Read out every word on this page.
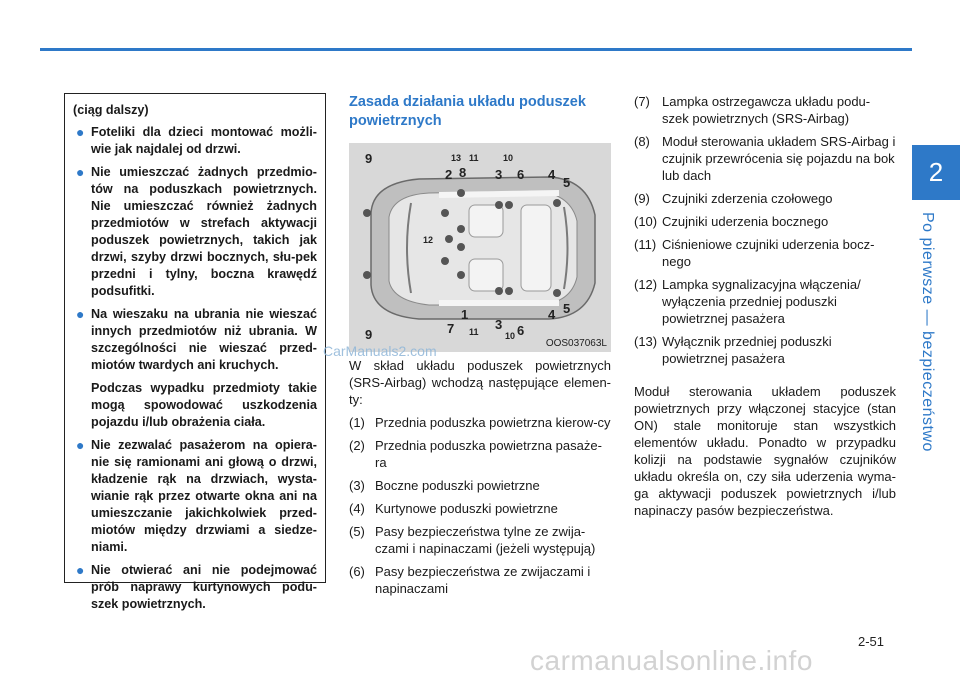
2
Po pierwsze — bezpieczeństwo
(ciąg dalszy)
● Foteliki dla dzieci montować możli-wie jak najdalej od drzwi.
● Nie umieszczać żadnych przedmio-tów na poduszkach powietrznych. Nie umieszczać również żadnych przedmiotów w strefach aktywacji poduszek powietrznych, takich jak drzwi, szyby drzwi bocznych, słu-pek przedni i tylny, boczna krawędź podsufitki.
● Na wieszaku na ubrania nie wieszać innych przedmiotów niż ubrania. W szczególności nie wieszać przed-miotów twardych ani kruchych.
Podczas wypadku przedmioty takie mogą spowodować uszkodzenia pojazdu i/lub obrażenia ciała.
● Nie zezwalać pasażerom na opiera-nie się ramionami ani głową o drzwi, kładzenie rąk na drzwiach, wysta-wianie rąk przez otwarte okna ani na umieszczanie jakichkolwiek przed-miotów między drzwiami a siedze-niami.
● Nie otwierać ani nie podejmować prób naprawy kurtynowych podu-szek powietrznych.
Zasada działania układu poduszek powietrznych
9	13 11	10
2 8 3 6 4
5
12
1
7 11 3
10 6
4 5
9
OOS037063L
CarManuals2.com
W skład układu poduszek powietrznych (SRS-Airbag) wchodzą następujące elemen-ty:
(1) Przednia poduszka powietrzna kierow-cy
(2) Przednia poduszka powietrzna pasaże-ra
(3) Boczne poduszki powietrzne
(4) Kurtynowe poduszki powietrzne
(5) Pasy bezpieczeństwa tylne ze zwija-czami i napinaczami (jeżeli występują)
(6) Pasy bezpieczeństwa ze zwijaczami i napinaczami
(7) Lampka ostrzegawcza układu podu-szek powietrznych (SRS-Airbag)
(8) Moduł sterowania układem SRS-Airbag i czujnik przewrócenia się pojazdu na bok lub dach
(9) Czujniki zderzenia czołowego
(10) Czujniki uderzenia bocznego
(11) Ciśnieniowe czujniki uderzenia bocz-nego
(12) Lampka sygnalizacyjna włączenia/ wyłączenia przedniej poduszki powietrznej pasażera
(13) Wyłącznik przedniej poduszki powietrznej pasażera
Moduł sterowania układem poduszek powietrznych przy włączonej stacyjce (stan ON) stale monitoruje stan wszystkich elementów układu. Ponadto w przypadku kolizji na podstawie sygnałów czujników układu określa on, czy siła uderzenia wyma-ga aktywacji poduszek powietrznych i/lub napinaczy pasów bezpieczeństwa.
2-51
carmanualsonline.info
